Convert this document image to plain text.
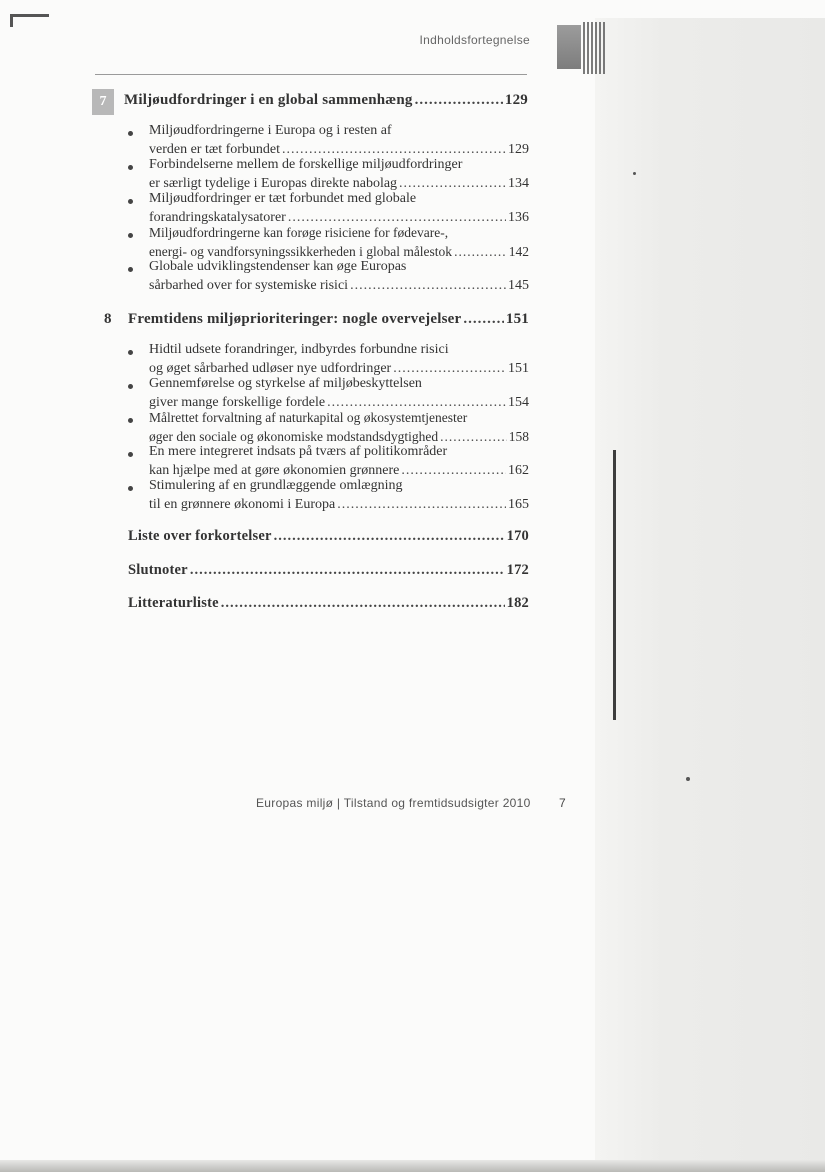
Indholdsfortegnelse
7	Miljøudfordringer i en global sammenhæng .....	129
Miljøudfordringerne i Europa og i resten af
verden er tæt forbundet .....	129
Forbindelserne mellem de forskellige miljøudfordringer
er særligt tydelige i Europas direkte nabolag .....	134
Miljøudfordringer er tæt forbundet med globale
forandringskatalysatorer .....	136
Miljøudfordringerne kan forøge risiciene for fødevare-,
energi- og vandforsyningssikkerheden i global målestok .....	142
Globale udviklingstendenser kan øge Europas
sårbarhed over for systemiske risici .....	145
8 Fremtidens miljøprioriteringer: nogle overvejelser .....	151
Hidtil udsete forandringer, indbyrdes forbundne risici
og øget sårbarhed udløser nye udfordringer .....	151
Gennemførelse og styrkelse af miljøbeskyttelsen
giver mange forskellige fordele .....	154
Målrettet forvaltning af naturkapital og økosystemtjenester
øger den sociale og økonomiske modstandsdygtighed .....	158
En mere integreret indsats på tværs af politikområder
kan hjælpe med at gøre økonomien grønnere .....	162
Stimulering af en grundlæggende omlægning
til en grønnere økonomi i Europa .....	165
Liste over forkortelser .....	170
Slutnoter .....	172
Litteraturliste .....	182
Europas miljø | Tilstand og fremtidsudsigter 2010 7
